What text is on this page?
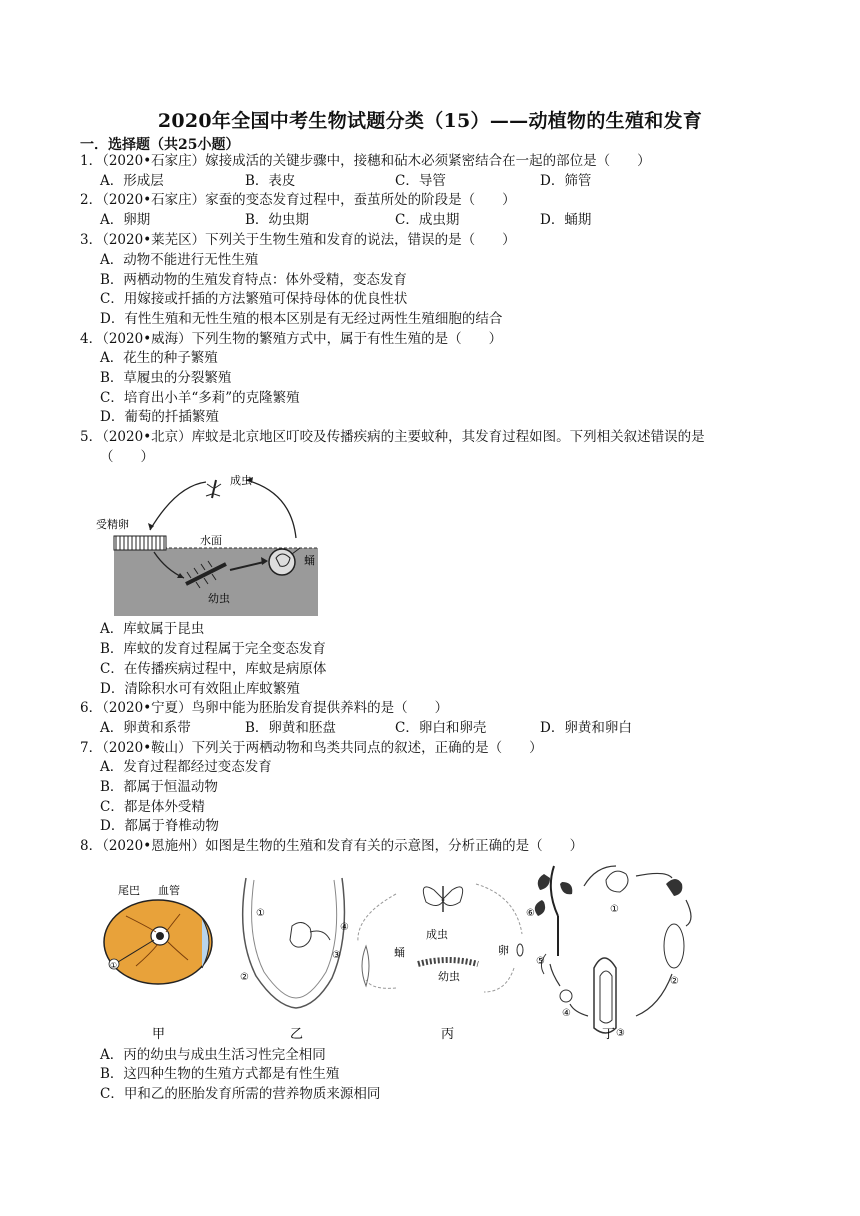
2020年全国中考生物试题分类（15）——动植物的生殖和发育
一．选择题（共25小题）
1．（2020•石家庄）嫁接成活的关键步骤中，接穗和砧木必须紧密结合在一起的部位是（　　）
A．形成层	B．表皮	C．导管	D．筛管
2．（2020•石家庄）家蚕的变态发育过程中，蚕茧所处的阶段是（　　）
A．卵期	B．幼虫期	C．成虫期	D．蛹期
3．（2020•莱芜区）下列关于生物生殖和发育的说法，错误的是（　　）
A．动物不能进行无性生殖
B．两栖动物的生殖发育特点：体外受精，变态发育
C．用嫁接或扦插的方法繁殖可保持母体的优良性状
D．有性生殖和无性生殖的根本区别是有无经过两性生殖细胞的结合
4．（2020•威海）下列生物的繁殖方式中，属于有性生殖的是（　　）
A．花生的种子繁殖
B．草履虫的分裂繁殖
C．培育出小羊“多莉”的克隆繁殖
D．葡萄的扦插繁殖
5．（2020•北京）库蚊是北京地区叮咬及传播疾病的主要蚊种，其发育过程如图。下列相关叙述错误的是
（　　）
成虫
受精卵
水面
蛹
幼虫
A．库蚊属于昆虫
B．库蚊的发育过程属于完全变态发育
C．在传播疾病过程中，库蚊是病原体
D．清除积水可有效阻止库蚊繁殖
6．（2020•宁夏）鸟卵中能为胚胎发育提供养料的是（　　）
A．卵黄和系带	B．卵黄和胚盘	C．卵白和卵壳	D．卵黄和卵白
7．（2020•鞍山）下列关于两栖动物和鸟类共同点的叙述，正确的是（　　）
A．发育过程都经过变态发育
B．都属于恒温动物
C．都是体外受精
D．都属于脊椎动物
8．（2020•恩施州）如图是生物的生殖和发育有关的示意图，分析正确的是（　　）
①
尾巴 血管
甲
①
④
③
②
乙
成虫
蛹	卵
幼虫
丙
⑥	①
②
③
④
⑤
丁
A．丙的幼虫与成虫生活习性完全相同
B．这四种生物的生殖方式都是有性生殖
C．甲和乙的胚胎发育所需的营养物质来源相同
